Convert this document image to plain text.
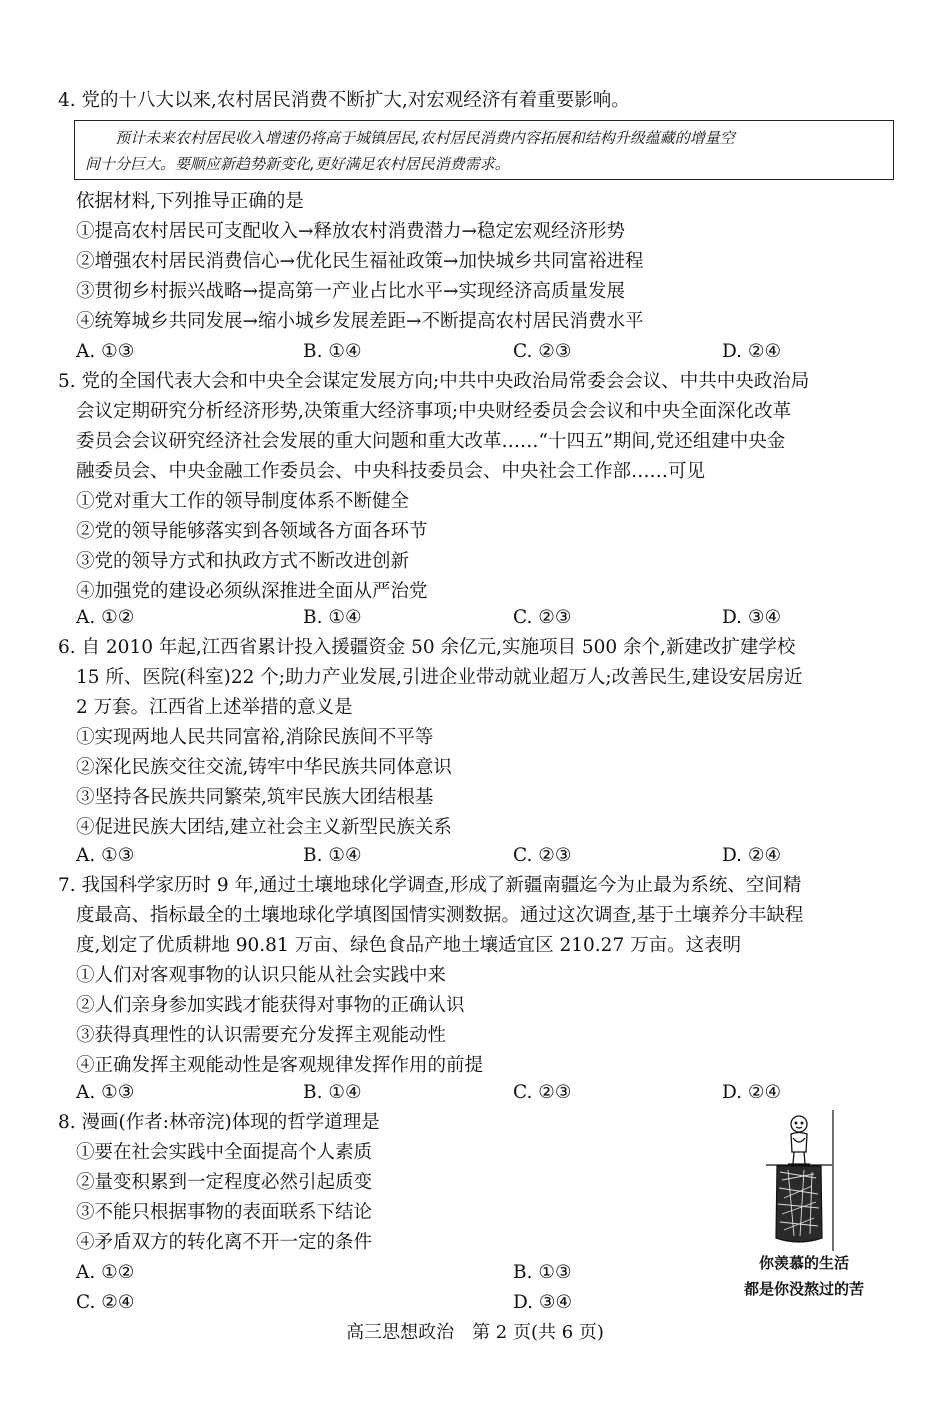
4. 党的十八大以来,农村居民消费不断扩大,对宏观经济有着重要影响。
预计未来农村居民收入增速仍将高于城镇居民,农村居民消费内容拓展和结构升级蕴藏的增量空
间十分巨大。要顺应新趋势新变化,更好满足农村居民消费需求。
依据材料,下列推导正确的是
①提高农村居民可支配收入→释放农村消费潜力→稳定宏观经济形势
②增强农村居民消费信心→优化民生福祉政策→加快城乡共同富裕进程
③贯彻乡村振兴战略→提高第一产业占比水平→实现经济高质量发展
④统筹城乡共同发展→缩小城乡发展差距→不断提高农村居民消费水平
A. ①③	B. ①④	C. ②③	D. ②④
5. 党的全国代表大会和中央全会谋定发展方向;中共中央政治局常委会会议、中共中央政治局
会议定期研究分析经济形势,决策重大经济事项;中央财经委员会会议和中央全面深化改革
委员会会议研究经济社会发展的重大问题和重大改革……“十四五”期间,党还组建中央金
融委员会、中央金融工作委员会、中央科技委员会、中央社会工作部……可见
①党对重大工作的领导制度体系不断健全
②党的领导能够落实到各领域各方面各环节
③党的领导方式和执政方式不断改进创新
④加强党的建设必须纵深推进全面从严治党
A. ①②	B. ①④	C. ②③	D. ③④
6. 自 2010 年起,江西省累计投入援疆资金 50 余亿元,实施项目 500 余个,新建改扩建学校
15 所、医院(科室)22 个;助力产业发展,引进企业带动就业超万人;改善民生,建设安居房近
2 万套。江西省上述举措的意义是
①实现两地人民共同富裕,消除民族间不平等
②深化民族交往交流,铸牢中华民族共同体意识
③坚持各民族共同繁荣,筑牢民族大团结根基
④促进民族大团结,建立社会主义新型民族关系
A. ①③	B. ①④	C. ②③	D. ②④
7. 我国科学家历时 9 年,通过土壤地球化学调查,形成了新疆南疆迄今为止最为系统、空间精
度最高、指标最全的土壤地球化学填图国情实测数据。通过这次调查,基于土壤养分丰缺程
度,划定了优质耕地 90.81 万亩、绿色食品产地土壤适宜区 210.27 万亩。这表明
①人们对客观事物的认识只能从社会实践中来
②人们亲身参加实践才能获得对事物的正确认识
③获得真理性的认识需要充分发挥主观能动性
④正确发挥主观能动性是客观规律发挥作用的前提
A. ①③	B. ①④	C. ②③	D. ②④
8. 漫画(作者:林帝浣)体现的哲学道理是
①要在社会实践中全面提高个人素质
②量变积累到一定程度必然引起质变
③不能只根据事物的表面联系下结论
④矛盾双方的转化离不开一定的条件
A. ①②	B. ①③
C. ②④	D. ③④
你羡慕的生活
都是你没熬过的苦
高三思想政治　第 2 页(共 6 页)
